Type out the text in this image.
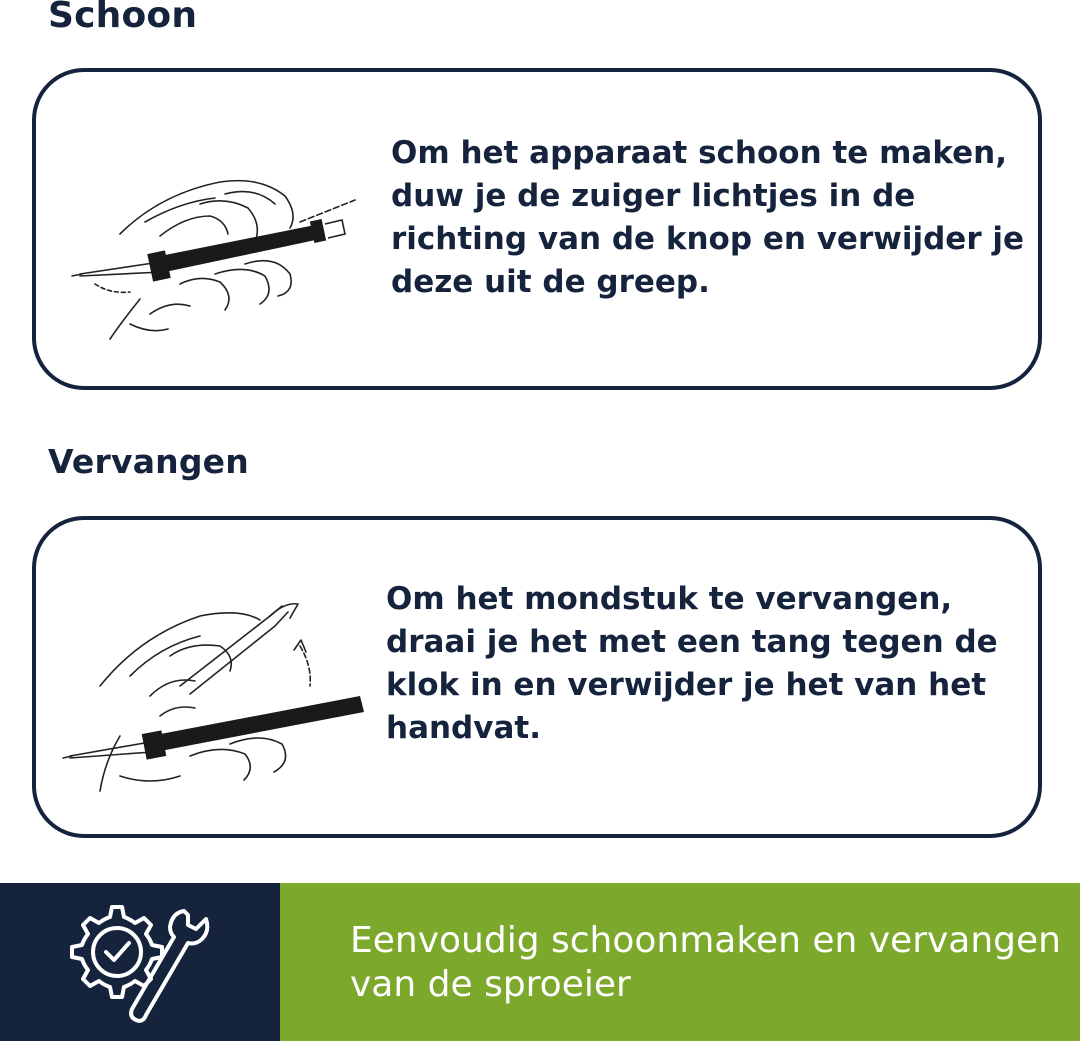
Schoon

Om het apparaat schoon te maken, duw je de zuiger lichtjes in de richting van de knop en verwijder je deze uit de greep.

Vervangen

Om het mondstuk te vervangen, draai je het met een tang tegen de klok in en verwijder je het van het handvat.

Eenvoudig schoonmaken en vervangen van de sproeier
